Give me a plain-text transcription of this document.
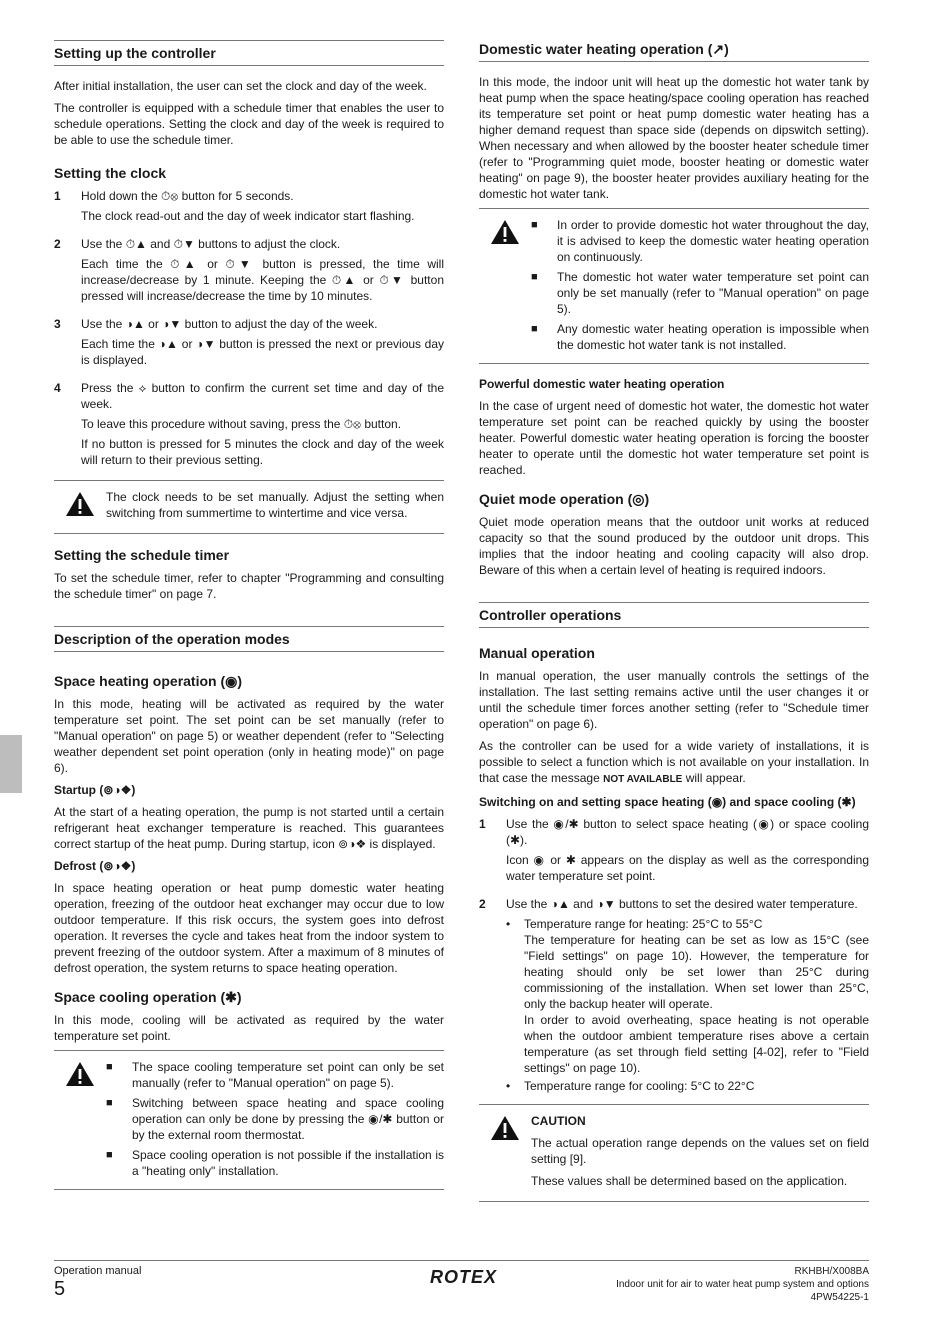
Setting up the controller

After initial installation, the user can set the clock and day of the week.

The controller is equipped with a schedule timer that enables the user to schedule operations. Setting the clock and day of the week is required to be able to use the schedule timer.

Setting the clock
1	Hold down the ⏱⊗ button for 5 seconds.

The clock read-out and the day of week indicator start flashing.

2	Use the ⏱▲ and ⏱▼ buttons to adjust the clock.

Each time the ⏱▲ or ⏱▼ button is pressed, the time will increase/decrease by 1 minute. Keeping the ⏱▲ or ⏱▼ button pressed will increase/decrease the time by 10 minutes.

3	Use the ◑▲ or ◑▼ button to adjust the day of the week.

Each time the ◑▲ or ◑▼ button is pressed the next or previous day is displayed.

4	Press the ⟡ button to confirm the current set time and day of the week.

To leave this procedure without saving, press the ⏱⊗ button.

If no button is pressed for 5 minutes the clock and day of the week will return to their previous setting.

The clock needs to be set manually. Adjust the setting when switching from summertime to wintertime and vice versa.

Setting the schedule timer

To set the schedule timer, refer to chapter "Programming and consulting the schedule timer" on page 7.

Description of the operation modes
Space heating operation (◉)

In this mode, heating will be activated as required by the water temperature set point. The set point can be set manually (refer to "Manual operation" on page 5) or weather dependent (refer to "Selecting weather dependent set point operation (only in heating mode)" on page 6).

Startup (⊚◑❖)

At the start of a heating operation, the pump is not started until a certain refrigerant heat exchanger temperature is reached. This guarantees correct startup of the heat pump. During startup, icon ⊚◑❖ is displayed.

Defrost (⊚◑❖)

In space heating operation or heat pump domestic water heating operation, freezing of the outdoor heat exchanger may occur due to low outdoor temperature. If this risk occurs, the system goes into defrost operation. It reverses the cycle and takes heat from the indoor system to prevent freezing of the outdoor system. After a maximum of 8 minutes of defrost operation, the system returns to space heating operation.

Space cooling operation (✱)

In this mode, cooling will be activated as required by the water temperature set point.

■	The space cooling temperature set point can only be set manually (refer to "Manual operation" on page 5).
■	Switching between space heating and space cooling operation can only be done by pressing the ◉/✱ button or by the external room thermostat.
■	Space cooling operation is not possible if the installation is a "heating only" installation.
Domestic water heating operation (↗)

In this mode, the indoor unit will heat up the domestic hot water tank by heat pump when the space heating/space cooling operation has reached its temperature set point or heat pump domestic water heating has a higher demand request than space side (depends on dipswitch setting). When necessary and when allowed by the booster heater schedule timer (refer to "Programming quiet mode, booster heating or domestic water heating" on page 9), the booster heater provides auxiliary heating for the domestic hot water tank.

■	In order to provide domestic hot water throughout the day, it is advised to keep the domestic water heating operation on continuously.
■	The domestic hot water water temperature set point can only be set manually (refer to "Manual operation" on page 5).
■	Any domestic water heating operation is impossible when the domestic hot water tank is not installed.
Powerful domestic water heating operation

In the case of urgent need of domestic hot water, the domestic hot water temperature set point can be reached quickly by using the booster heater. Powerful domestic water heating operation is forcing the booster heater to operate until the domestic hot water temperature set point is reached.

Quiet mode operation (◎)

Quiet mode operation means that the outdoor unit works at reduced capacity so that the sound produced by the outdoor unit drops. This implies that the indoor heating and cooling capacity will also drop. Beware of this when a certain level of heating is required indoors.

Controller operations
Manual operation

In manual operation, the user manually controls the settings of the installation. The last setting remains active until the user changes it or until the schedule timer forces another setting (refer to "Schedule timer operation" on page 6).

As the controller can be used for a wide variety of installations, it is possible to select a function which is not available on your installation. In that case the message NOT AVAILABLE will appear.

Switching on and setting space heating (◉) and space cooling (✱)
1	Use the ◉/✱ button to select space heating (◉) or space cooling (✱).

Icon ◉ or ✱ appears on the display as well as the corresponding water temperature set point.

2	Use the ◑▲ and ◑▼ buttons to set the desired water temperature.

•	Temperature range for heating: 25°C to 55°C
The temperature for heating can be set as low as 15°C (see "Field settings" on page 10). However, the temperature for heating should only be set lower than 25°C during commissioning of the installation. When set lower than 25°C, only the backup heater will operate.
In order to avoid overheating, space heating is not operable when the outdoor ambient temperature rises above a certain temperature (as set through field setting [4-02], refer to "Field settings" on page 10).
•	Temperature range for cooling: 5°C to 22°C
CAUTION

The actual operation range depends on the values set on field setting [9].

These values shall be determined based on the application.

Operation manual
5
ROTEX	RKHBH/X008BA
Indoor unit for air to water heat pump system and options
4PW54225-1
